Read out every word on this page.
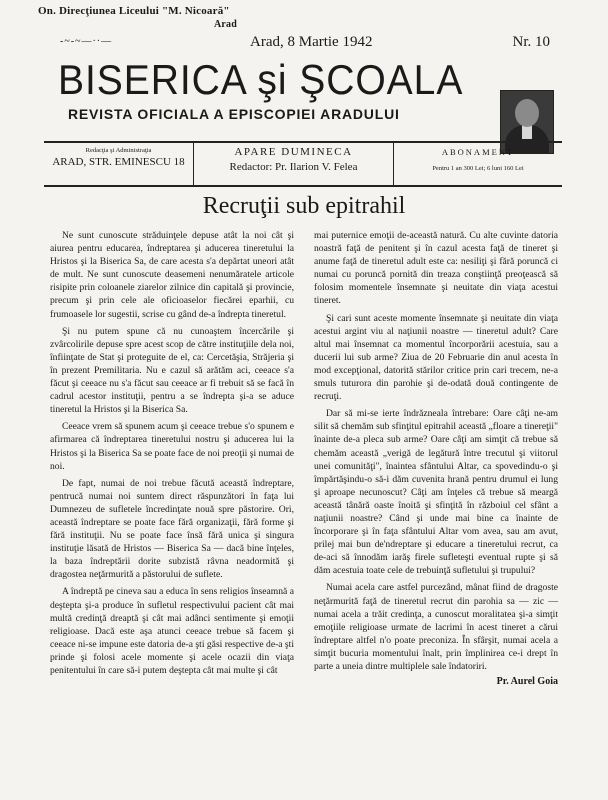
On. Direcţiunea Liceului "M. Nicoară"
Arad
-~-~—··—	Arad, 8 Martie 1942	Nr. 10
BISERICA şi ŞCOALA
REVISTA OFICIALA A EPISCOPIEI ARADULUI
Redacţia şi Administraţia
ARAD, STR. EMINESCU 18
APARE DUMINECA
Redactor: Pr. Ilarion V. Felea
ABONAMENT
Pentru 1 an 300 Lei; 6 luni 160 Lei
Recruţii sub epitrahil

Ne sunt cunoscute străduinţele depuse atât la noi cât şi aiurea pentru educarea, îndreptarea şi aducerea tineretului la Hristos şi la Biserica Sa, de care acesta s'a depărtat uneori atât de mult. Ne sunt cunoscute deasemeni nenumăratele articole risipite prin coloanele ziarelor zilnice din capitală şi provincie, precum şi prin cele ale oficioaselor fiecărei eparhii, cu frumoasele lor sugestii, scrise cu gând de-a îndrepta tineretul.

Şi nu putem spune că nu cunoaştem încercările şi zvârcolirile depuse spre acest scop de către instituţiile dela noi, înfiinţate de Stat şi proteguite de el, ca: Cercetăşia, Străjeria şi în prezent Premilitaria. Nu e cazul să arătăm aci, ceeace s'a făcut şi ceeace nu s'a făcut sau ceeace ar fi trebuit să se facă în cadrul acestor instituţii, pentru a se îndrepta şi-a se aduce tineretul la Hristos şi la Biserica Sa.

Ceeace vrem să spunem acum şi ceeace trebue s'o spunem e afirmarea că îndreptarea tineretului nostru şi aducerea lui la Hristos şi la Biserica Sa se poate face de noi preoţii şi numai de noi.

De fapt, numai de noi trebue făcută această îndreptare, pentrucă numai noi suntem direct răspunzători în faţa lui Dumnezeu de sufletele încredinţate nouă spre păstorire. Ori, această îndreptare se poate face fără organizaţii, fără forme şi fără instituţii. Nu se poate face însă fără unica şi singura instituţie lăsată de Hristos — Biserica Sa — dacă bine înţeles, la baza îndreptării dorite subzistă râvna neadormită şi dragostea neţărmurită a păstorului de suflete.

A îndreptă pe cineva sau a educa în sens religios înseamnă a deştepta şi-a produce în sufletul respectivului pacient cât mai multă credinţă dreaptă şi cât mai adânci sentimente şi emoţii religioase. Dacă este aşa atunci ceeace trebue să facem şi ceeace ni-se impune este datoria de-a şti găsi respective de-a şti prinde şi folosi acele momente şi acele ocazii din viaţa penitentului în care să-i putem deştepta cât mai multe şi cât

mai puternice emoţii de-această natură. Cu alte cuvinte datoria noastră faţă de penitent şi în cazul acesta faţă de tineret şi anume faţă de tineretul adult este ca: nesiliţi şi fără poruncă ci numai cu poruncă pornită din treaza conştiinţă preoţească să folosim momentele însemnate şi neuitate din viaţa acestui tineret.

Şi cari sunt aceste momente însemnate şi neuitate din viaţa acestui argint viu al naţiunii noastre — tineretul adult? Care altul mai însemnat ca momentul încorporării acestuia, sau a ducerii lui sub arme? Ziua de 20 Februarie din anul acesta în mod excepţional, datorită stărilor critice prin cari trecem, ne-a smuls tuturora din parohie şi de-odată două contingente de recruţi.

Dar să mi-se ierte îndrăzneala întrebare: Oare câţi ne-am silit să chemăm sub sfinţitul epitrahil această „floare a tinereţii" înainte de-a pleca sub arme? Oare câţi am simţit că trebue să chemăm această „verigă de legătură între trecutul şi viitorul unei comunităţi", înaintea sfântului Altar, ca spovedindu-o şi împărtăşindu-o să-i dăm cuvenita hrană pentru drumul ei lung şi aproape necunoscut? Câţi am înţeles că trebue să meargă această tânără oaste înoită şi sfinţită în războiul cel sfânt a naţiunii noastre? Când şi unde mai bine ca înainte de încorporare şi în faţa sfântului Altar vom avea, sau am avut, prilej mai bun de'ndreptare şi educare a tineretului recrut, ca de-aci să înnodăm iarăş firele sufleteşti eventual rupte şi să dăm acestuia toate cele de trebuinţă sufletului şi trupului?

Numai acela care astfel purcezând, mânat fiind de dragoste neţărmurită faţă de tineretul recrut din parohia sa — zic — numai acela a trăit credinţa, a cunoscut moralitatea şi-a simţit emoţiile religioase urmate de lacrimi în acest tineret a cărui îndreptare altfel n'o poate preconiza. În sfârşit, numai acela a simţit bucuria momentului înalt, prin împlinirea ce-i drept în parte a uneia dintre multiplele sale îndatoriri.

Pr. Aurel Goia
